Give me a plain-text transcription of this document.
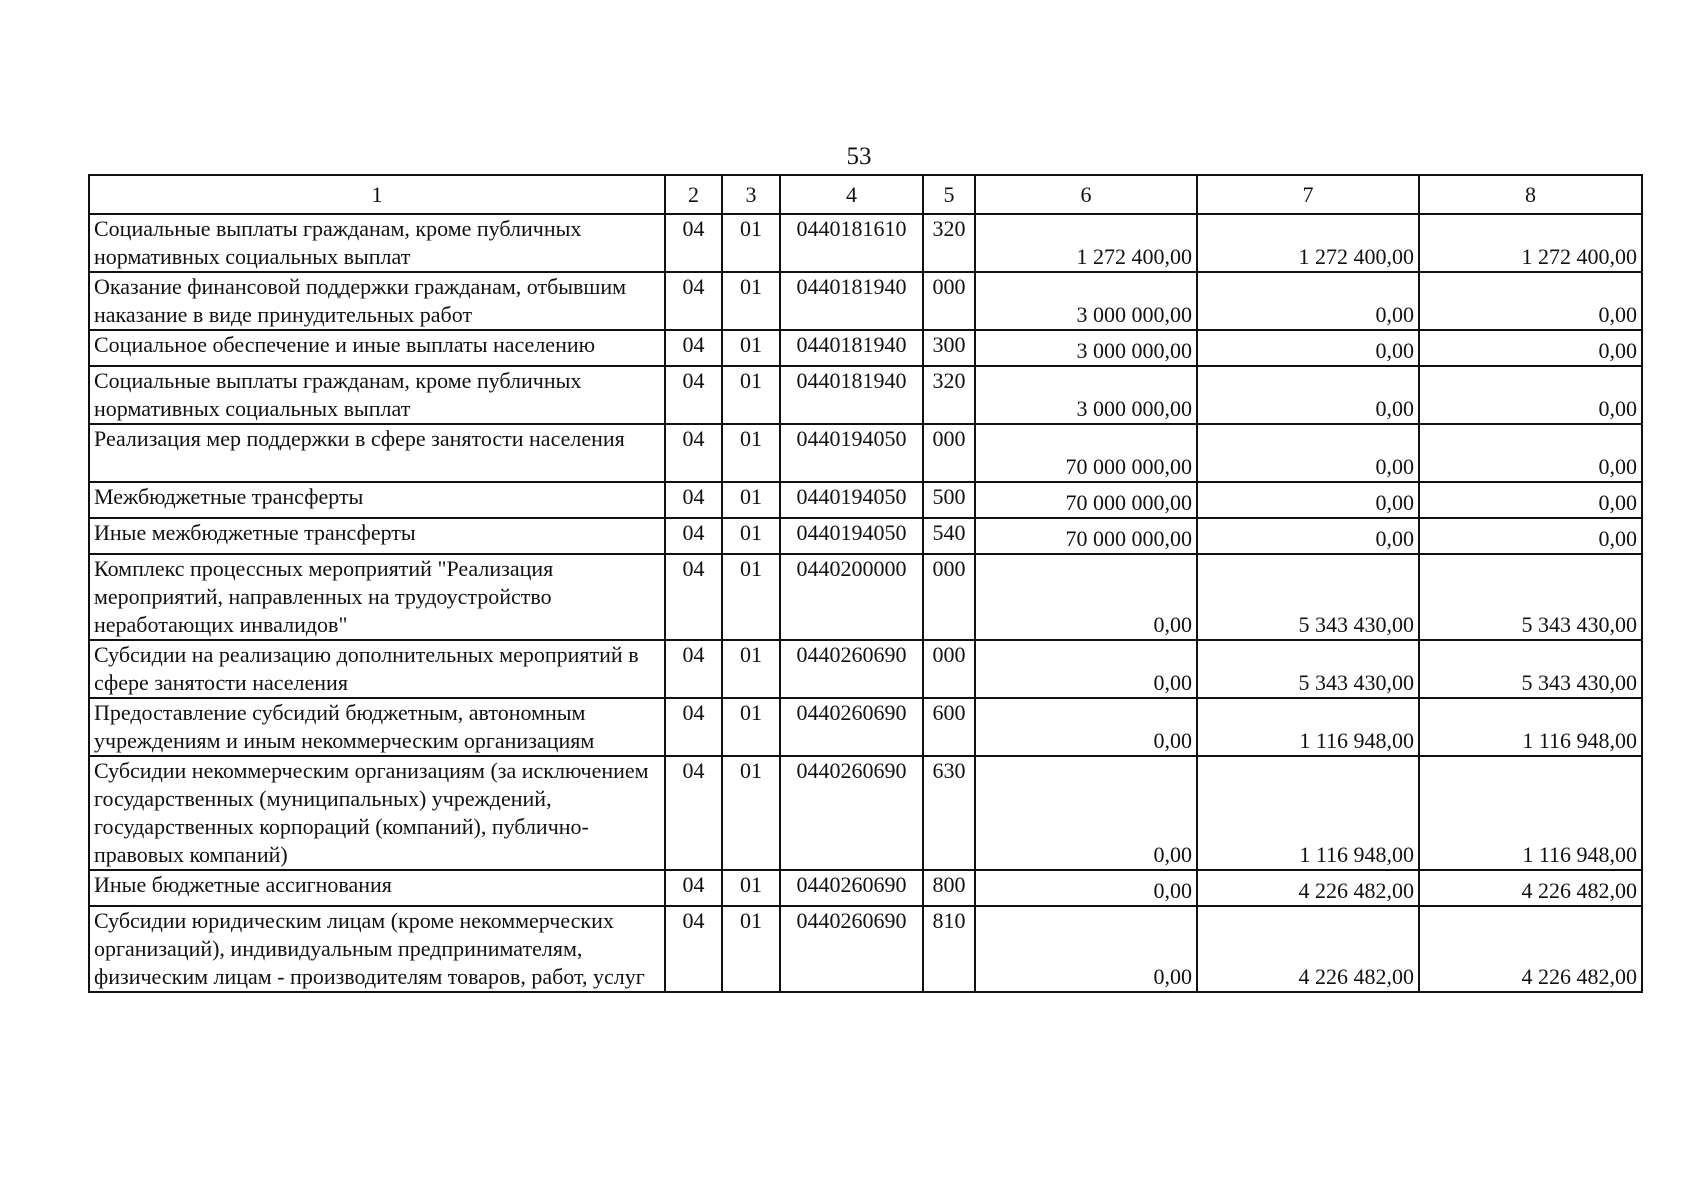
53
1	2	3	4	5	6	7	8
Социальные выплаты гражданам, кроме публичных нормативных социальных выплат	04	01	0440181610	320	1 272 400,00	1 272 400,00	1 272 400,00
Оказание финансовой поддержки гражданам, отбывшим наказание в виде принудительных работ	04	01	0440181940	000	3 000 000,00	0,00	0,00
Социальное обеспечение и иные выплаты населению	04	01	0440181940	300	3 000 000,00	0,00	0,00
Социальные выплаты гражданам, кроме публичных нормативных социальных выплат	04	01	0440181940	320	3 000 000,00	0,00	0,00
Реализация мер поддержки в сфере занятости населения	04	01	0440194050	000	70 000 000,00	0,00	0,00
Межбюджетные трансферты	04	01	0440194050	500	70 000 000,00	0,00	0,00
Иные межбюджетные трансферты	04	01	0440194050	540	70 000 000,00	0,00	0,00
Комплекс процессных мероприятий "Реализация мероприятий, направленных на трудоустройство неработающих инвалидов"	04	01	0440200000	000	0,00	5 343 430,00	5 343 430,00
Субсидии на реализацию дополнительных мероприятий в сфере занятости населения	04	01	0440260690	000	0,00	5 343 430,00	5 343 430,00
Предоставление субсидий бюджетным, автономным учреждениям и иным некоммерческим организациям	04	01	0440260690	600	0,00	1 116 948,00	1 116 948,00
Субсидии некоммерческим организациям (за исключением государственных (муниципальных) учреждений, государственных корпораций (компаний), публично-правовых компаний)	04	01	0440260690	630	0,00	1 116 948,00	1 116 948,00
Иные бюджетные ассигнования	04	01	0440260690	800	0,00	4 226 482,00	4 226 482,00
Субсидии юридическим лицам (кроме некоммерческих организаций), индивидуальным предпринимателям, физическим лицам - производителям товаров, работ, услуг	04	01	0440260690	810	0,00	4 226 482,00	4 226 482,00
